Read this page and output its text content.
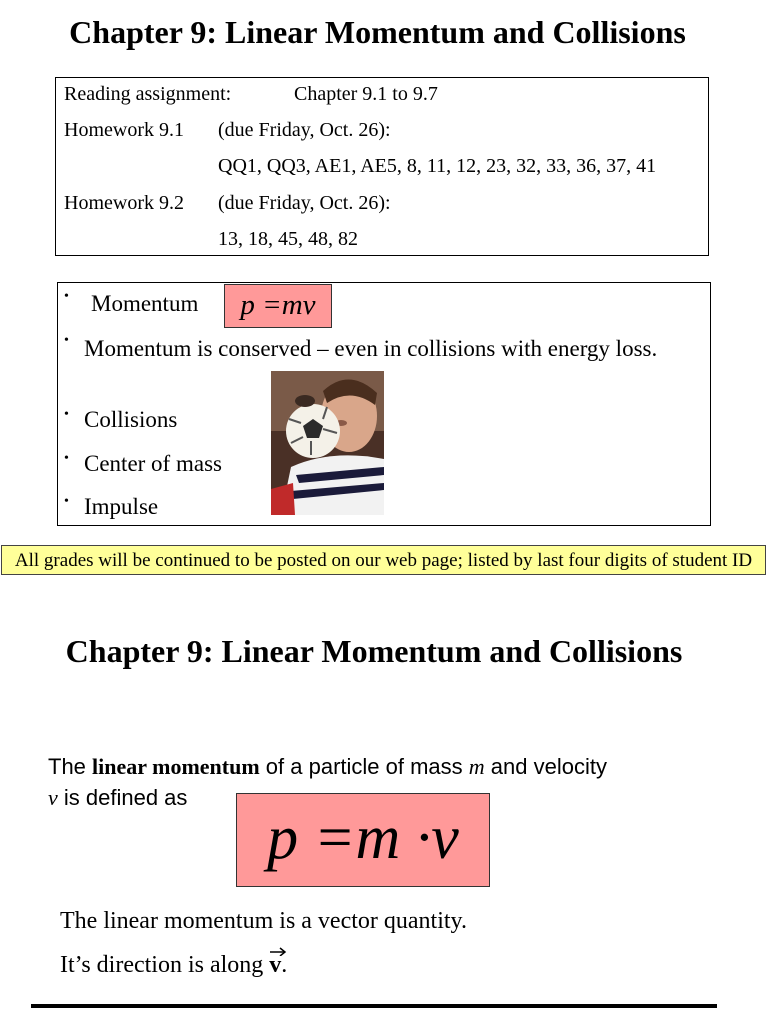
Chapter 9: Linear Momentum and Collisions
Reading assignment:	Chapter 9.1 to 9.7
Homework 9.1 (due Friday, Oct. 26):
QQ1, QQ3, AE1, AE5, 8, 11, 12, 23, 32, 33, 36, 37, 41
Homework 9.2 (due Friday, Oct. 26):
13, 18, 45, 48, 82
• Momentum	p =mv
• Momentum is conserved – even in collisions with energy loss.
• Collisions
• Center of mass
• Impulse
All grades will be continued to be posted on our web page; listed by last four digits of student ID
Chapter 9: Linear Momentum and Collisions
The linear momentum of a particle of mass m and velocity
v is defined as
p =m ·v
The linear momentum is a vector quantity.
It’s direction is along
v.
